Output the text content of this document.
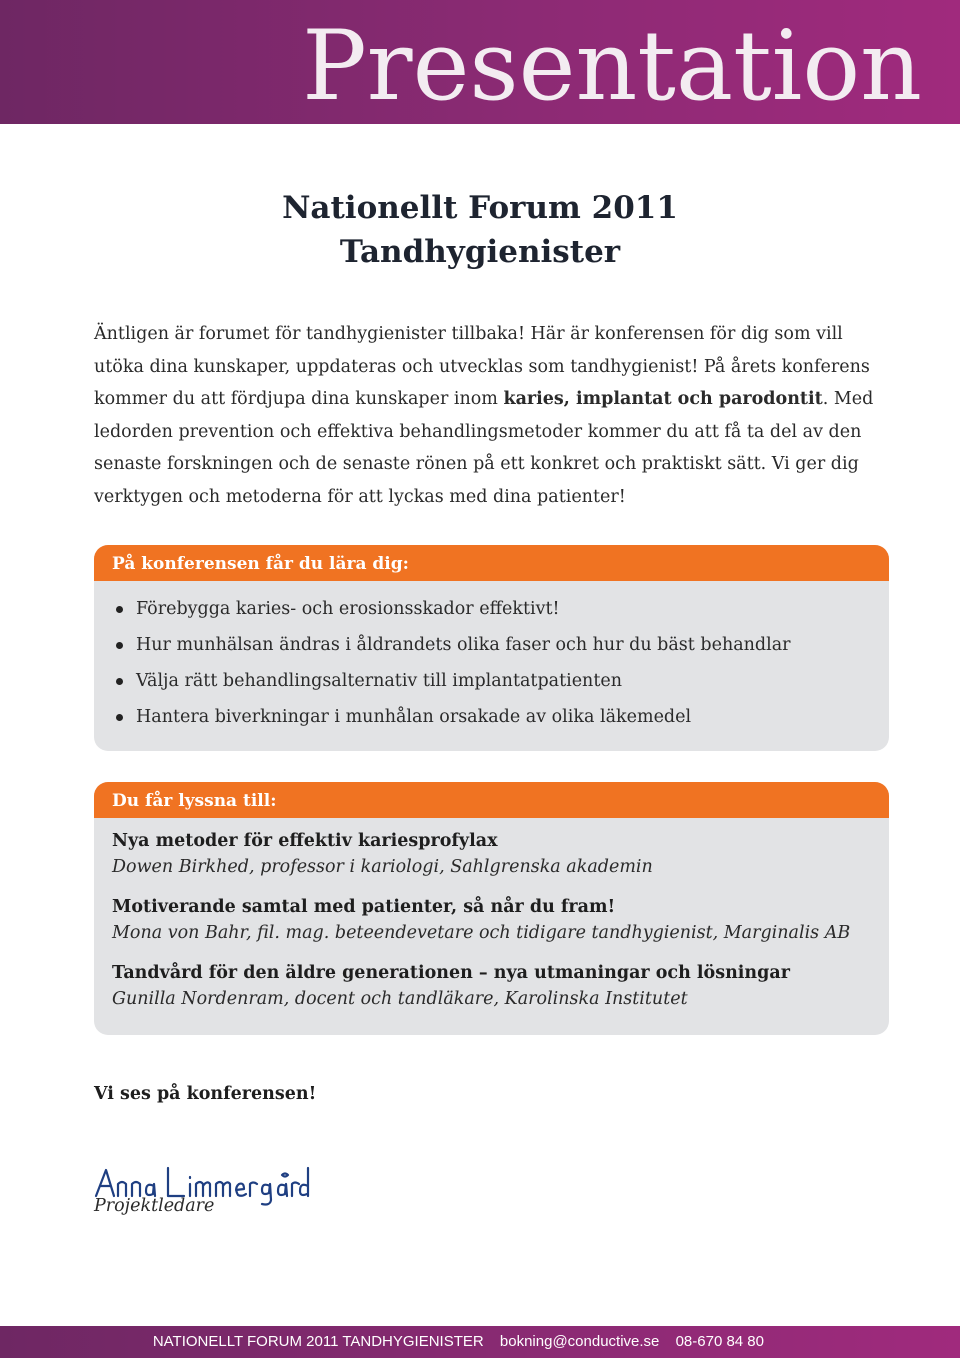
Presentation
Nationellt Forum 2011
Tandhygienister

Äntligen är forumet för tandhygienister tillbaka! Här är konferensen för dig som vill utöka dina kunskaper, uppdateras och utvecklas som tandhygienist! På årets konferens kommer du att fördjupa dina kunskaper inom karies, implantat och parodontit. Med ledorden prevention och effektiva behandlingsmetoder kommer du att få ta del av den senaste forskningen och de senaste rönen på ett konkret och praktiskt sätt. Vi ger dig verktygen och metoderna för att lyckas med dina patienter!

På konferensen får du lära dig:
Förebygga karies- och erosionsskador effektivt!
Hur munhälsan ändras i åldrandets olika faser och hur du bäst behandlar
Välja rätt behandlingsalternativ till implantatpatienten
Hantera biverkningar i munhålan orsakade av olika läkemedel
Du får lyssna till:
Nya metoder för effektiv kariesprofylax
Dowen Birkhed, professor i kariologi, Sahlgrenska akademin
Motiverande samtal med patienter, så når du fram!
Mona von Bahr, fil. mag. beteendevetare och tidigare tandhygienist, Marginalis AB
Tandvård för den äldre generationen – nya utmaningar och lösningar
Gunilla Nordenram, docent och tandläkare, Karolinska Institutet

Vi ses på konferensen!

Projektledare
NATIONELLT FORUM 2011 TANDHYGIENISTER bokning@conductive.se 08-670 84 80
